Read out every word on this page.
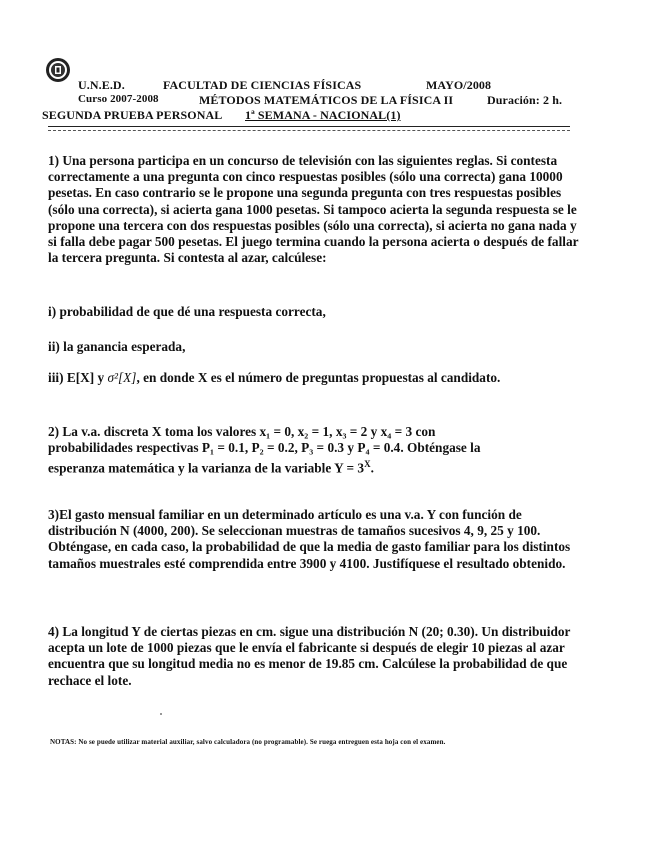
U.N.E.D.	FACULTAD DE CIENCIAS FÍSICAS	MAYO/2008
Curso 2007-2008	MÉTODOS MATEMÁTICOS DE LA FÍSICA II	Duración: 2 h.
SEGUNDA PRUEBA PERSONAL 1ª SEMANA - NACIONAL(1)
1) Una persona participa en un concurso de televisión con las siguientes reglas. Si contesta correctamente a una pregunta con cinco respuestas posibles (sólo una correcta) gana 10000 pesetas. En caso contrario se le propone una segunda pregunta con tres respuestas posibles (sólo una correcta), si acierta gana 1000 pesetas. Si tampoco acierta la segunda respuesta se le propone una tercera con dos respuestas posibles (sólo una correcta), si acierta no gana nada y si falla debe pagar 500 pesetas. El juego termina cuando la persona acierta o después de fallar la tercera pregunta. Si contesta al azar, calcúlese:
i) probabilidad de que dé una respuesta correcta,
ii) la ganancia esperada,
iii) E[X] y σ²[X], en donde X es el número de preguntas propuestas al candidato.
2) La v.a. discreta X toma los valores x₁ = 0, x₂ = 1, x₃ = 2 y x₄ = 3 con
probabilidades respectivas P₁ = 0.1, P₂ = 0.2, P₃ = 0.3 y P₄ = 0.4. Obténgase la
esperanza matemática y la varianza de la variable $Y = 3^X$.
3)El gasto mensual familiar en un determinado artículo es una v.a. Y con función de distribución N (4000, 200). Se seleccionan muestras de tamaños sucesivos 4, 9, 25 y 100. Obténgase, en cada caso, la probabilidad de que la media de gasto familiar para los distintos tamaños muestrales esté comprendida entre 3900 y 4100. Justifíquese el resultado obtenido.
4) La longitud Y de ciertas piezas en cm. sigue una distribución N (20; 0.30). Un distribuidor acepta un lote de 1000 piezas que le envía el fabricante si después de elegir 10 piezas al azar encuentra que su longitud media no es menor de 19.85 cm. Calcúlese la probabilidad de que rechace el lote.
NOTAS: No se puede utilizar material auxiliar, salvo calculadora (no programable). Se ruega entreguen esta hoja con el examen.
